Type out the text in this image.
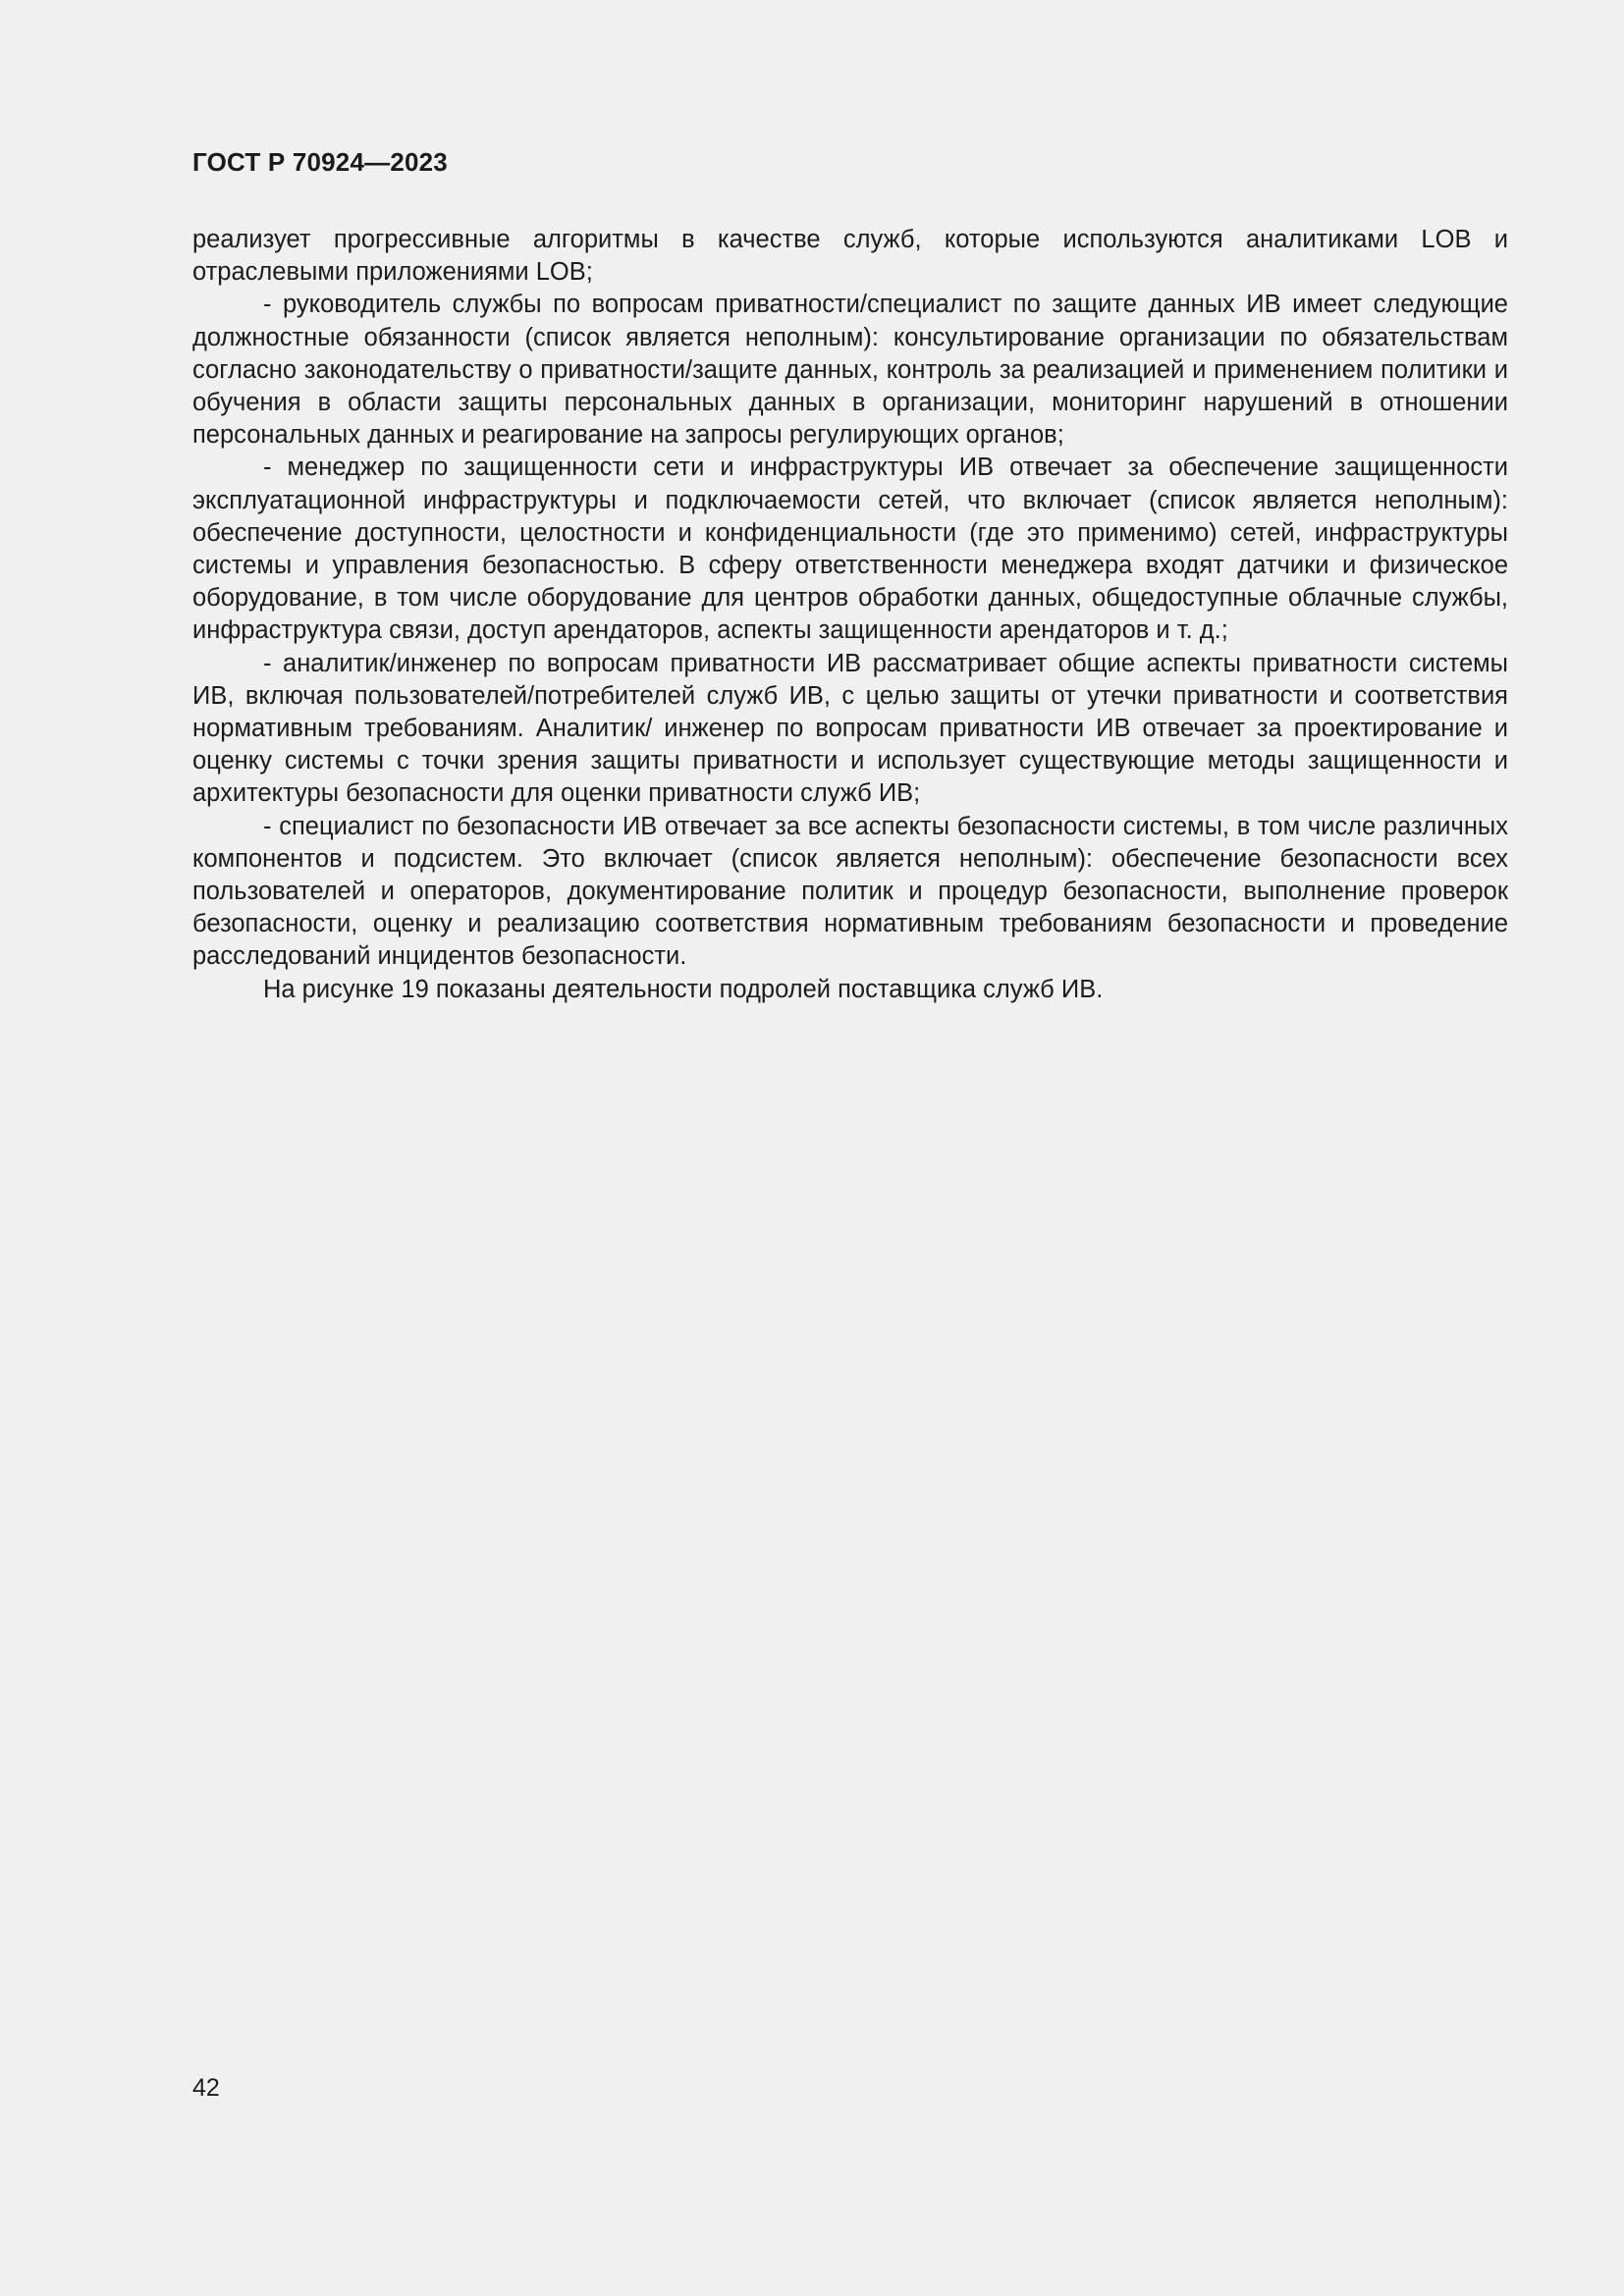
ГОСТ Р 70924—2023

реализует прогрессивные алгоритмы в качестве служб, которые используются аналитиками LOB и отраслевыми приложениями LOB;

- руководитель службы по вопросам приватности/специалист по защите данных ИВ имеет следующие должностные обязанности (список является неполным): консультирование организации по обязательствам согласно законодательству о приватности/защите данных, контроль за реализацией и применением политики и обучения в области защиты персональных данных в организации, мониторинг нарушений в отношении персональных данных и реагирование на запросы регулирующих органов;

- менеджер по защищенности сети и инфраструктуры ИВ отвечает за обеспечение защищенности эксплуатационной инфраструктуры и подключаемости сетей, что включает (список является неполным): обеспечение доступности, целостности и конфиденциальности (где это применимо) сетей, инфраструктуры системы и управления безопасностью. В сферу ответственности менеджера входят датчики и физическое оборудование, в том числе оборудование для центров обработки данных, общедоступные облачные службы, инфраструктура связи, доступ арендаторов, аспекты защищенности арендаторов и т. д.;

- аналитик/инженер по вопросам приватности ИВ рассматривает общие аспекты приватности системы ИВ, включая пользователей/потребителей служб ИВ, с целью защиты от утечки приватности и соответствия нормативным требованиям. Аналитик/ инженер по вопросам приватности ИВ отвечает за проектирование и оценку системы с точки зрения защиты приватности и использует существующие методы защищенности и архитектуры безопасности для оценки приватности служб ИВ;

- специалист по безопасности ИВ отвечает за все аспекты безопасности системы, в том числе различных компонентов и подсистем. Это включает (список является неполным): обеспечение безопасности всех пользователей и операторов, документирование политик и процедур безопасности, выполнение проверок безопасности, оценку и реализацию соответствия нормативным требованиям безопасности и проведение расследований инцидентов безопасности.

На рисунке 19 показаны деятельности подролей поставщика служб ИВ.

42
